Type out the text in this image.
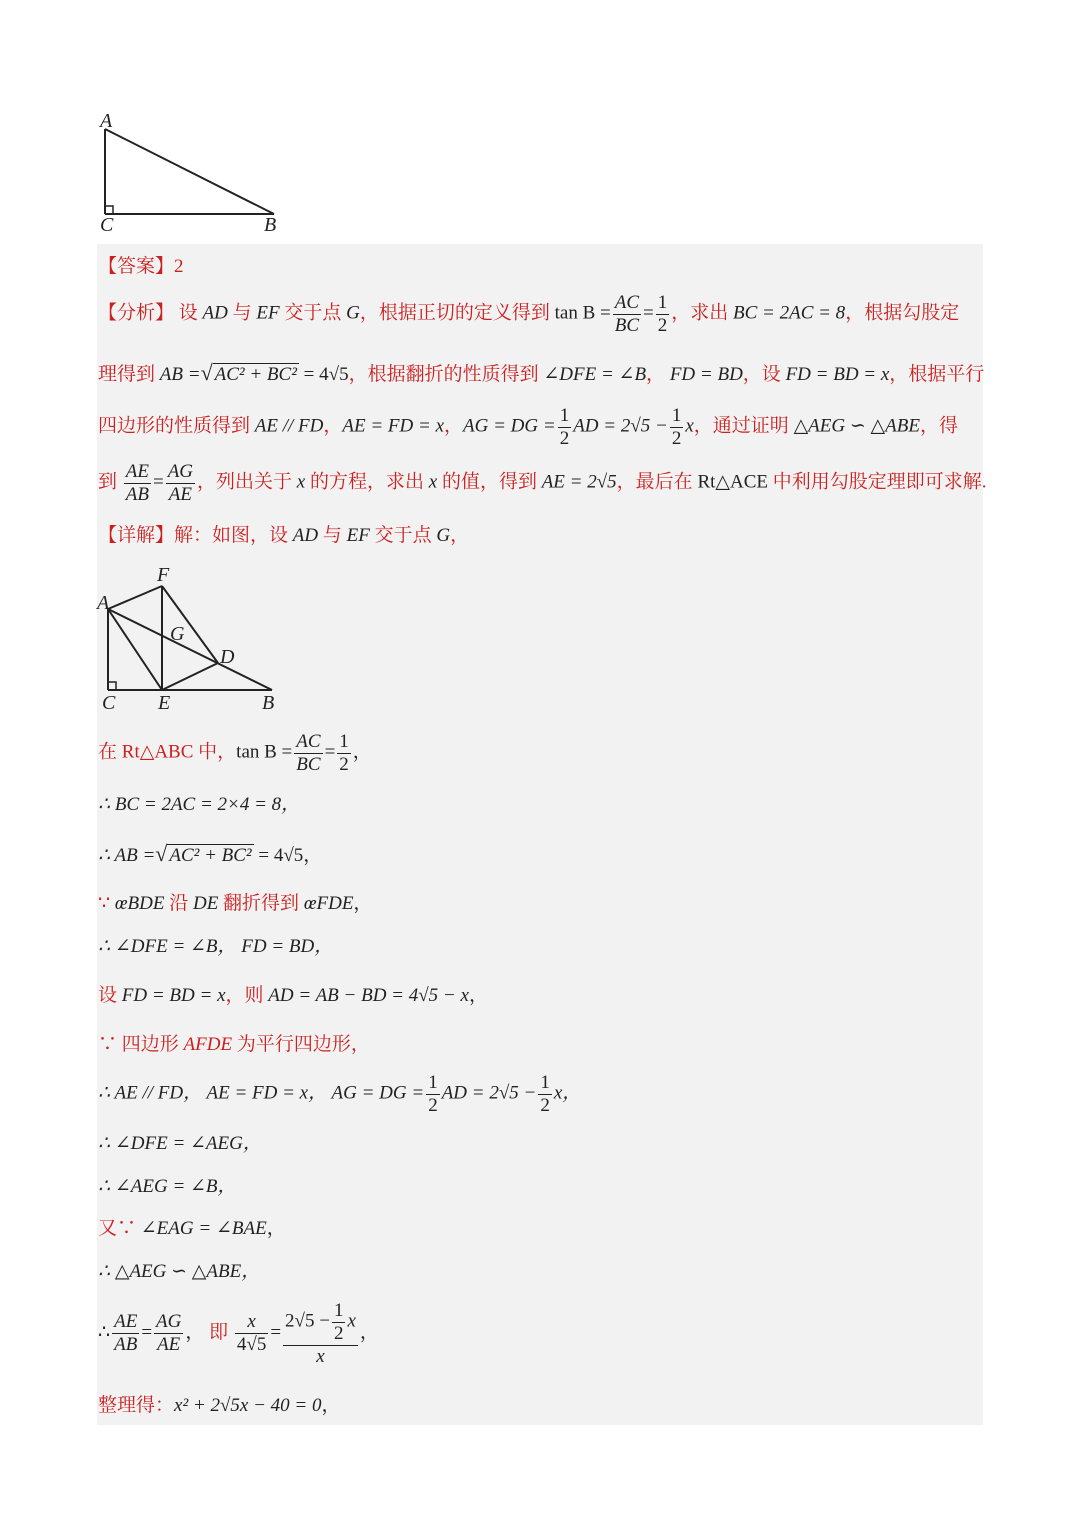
A
C	B
【答案】2
【分析】 设 AD 与 EF 交于点 G，根据正切的定义得到 $\tan B = \frac{AC}{BC} = \frac{1}{2}$ ，求出 BC = 2AC = 8，根据勾股定
理得到 AB =√ AC² + BC² = 4√5，根据翻折的性质得到 ∠DFE = ∠B， FD = BD，设 FD = BD = x，根据平行
四边形的性质得到 AE // FD，AE = FD = x，AG = DG = $\frac{1}{2}$ AD = $2√5 - \frac{1}{2}$ x，通过证明 △AEG ∽ △ABE，得
到 $\frac{AE}{AB} = \frac{AG}{AE}$ ，列出关于 x 的方程，求出 x 的值，得到 AE = 2√5，最后在 Rt△ACE 中利用勾股定理即可求解.
【详解】解：如图，设 AD 与 EF 交于点 G，
A
F
G
D
C E	B
在 Rt△ABC 中，$\tan B = \frac{AC}{BC} = \frac{1}{2}$ ，
∴ BC = 2AC = 2×4 = 8，
∴ AB =√ AC² + BC² = 4√5，
∵ œBDE 沿 DE 翻折得到 œFDE，
∴ ∠DFE = ∠B， FD = BD，
设 FD = BD = x，则 AD = AB − BD = 4√5 − x，
∵ 四边形 AFDE 为平行四边形，
∴ AE // FD， AE = FD = x， AG = DG = $\frac{1}{2}$ AD = $2√5 - \frac{1}{2}$ x，
∴ ∠DFE = ∠AEG，
∴ ∠AEG = ∠B，
又∵ ∠EAG = ∠BAE，
∴ △AEG ∽ △ABE，
∴ $\frac{AE}{AB} = \frac{AG}{AE}$ ， 即 $\frac{x}{4√5} = \frac{2√5 - \frac{1}{2} x}{x}$ ，
整理得：x² + 2√5x − 40 = 0，
